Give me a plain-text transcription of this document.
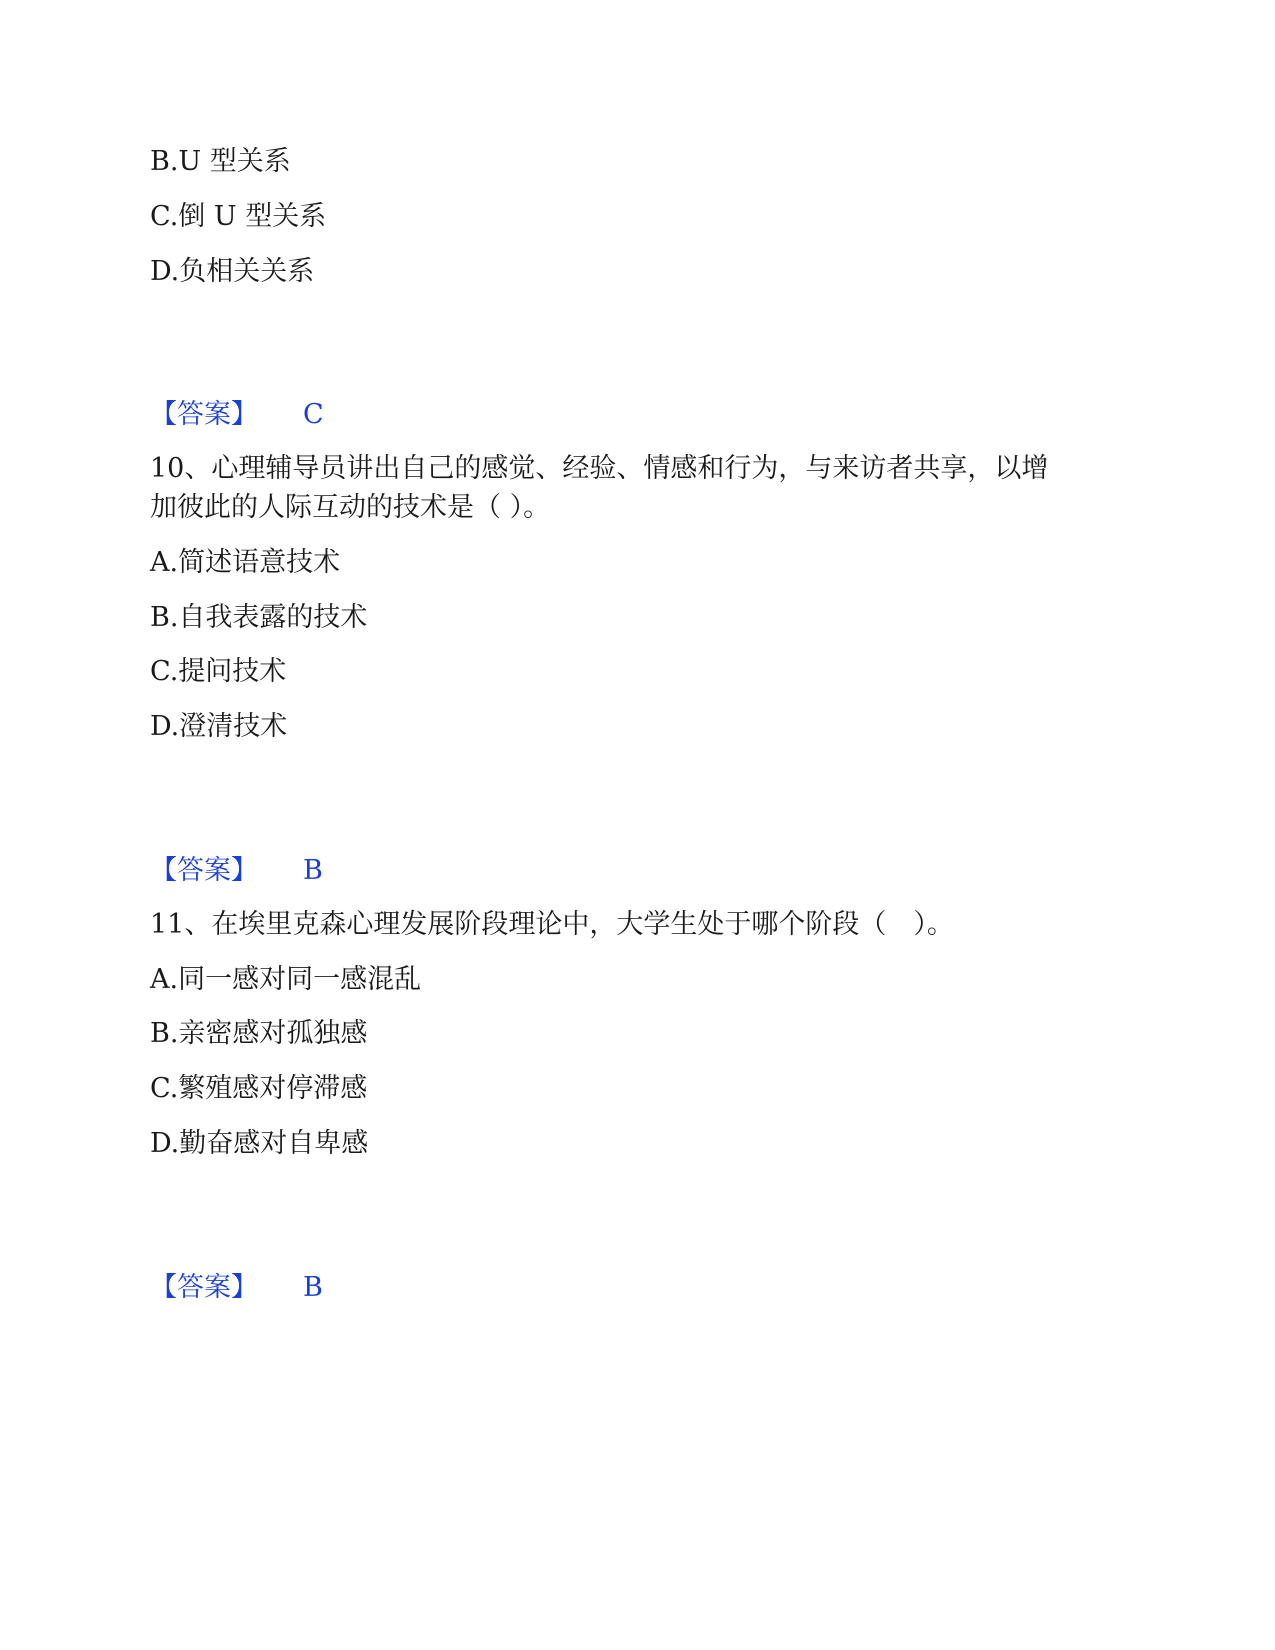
B.U 型关系
C.倒 U 型关系
D.负相关关系
【答案】 C
10、心理辅导员讲出自己的感觉、经验、情感和行为，与来访者共享，以增
加彼此的人际互动的技术是（ ）。
A.简述语意技术
B.自我表露的技术
C.提问技术
D.澄清技术
【答案】 B
11、在埃里克森心理发展阶段理论中，大学生处于哪个阶段（　）。
A.同一感对同一感混乱
B.亲密感对孤独感
C.繁殖感对停滞感
D.勤奋感对自卑感
【答案】 B
